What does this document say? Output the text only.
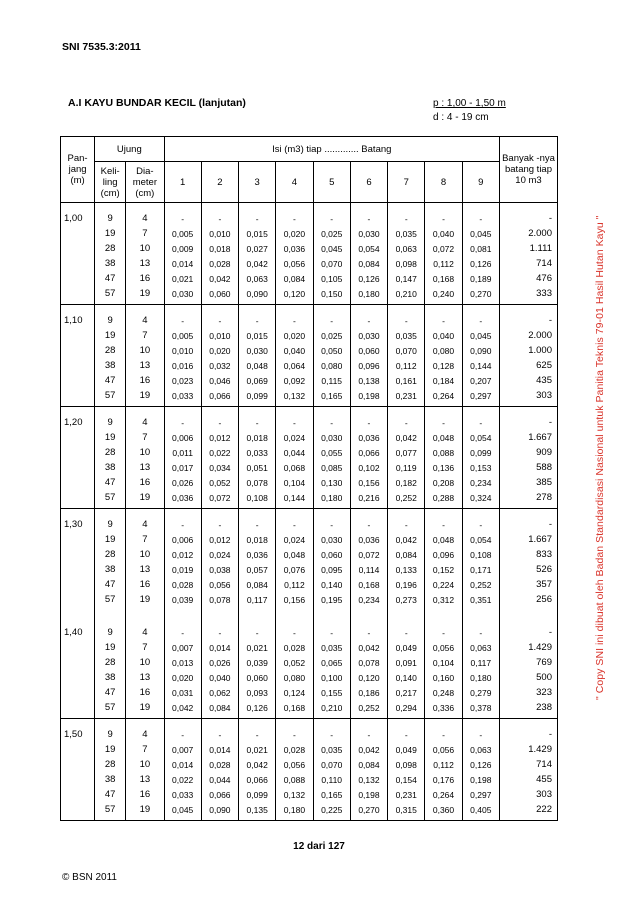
SNI 7535.3:2011
A.I KAYU BUNDAR KECIL (lanjutan)	p : 1,00 - 1,50 m
d : 4 - 19 cm
Pan-jang (m)	Ujung		Isi (m3) tiap ............. Batang									Banyak -nya batang tiap 10 m3
	Keli-ling (cm)	Dia-meter (cm)	1	2	3	4	5	6	7	8	9	
1,00	9	4	-	-	-	-	-	-	-	-	-	-
	19	7	0,005	0,010	0,015	0,020	0,025	0,030	0,035	0,040	0,045	2.000
	28	10	0,009	0,018	0,027	0,036	0,045	0,054	0,063	0,072	0,081	1.111
	38	13	0,014	0,028	0,042	0,056	0,070	0,084	0,098	0,112	0,126	714
	47	16	0,021	0,042	0,063	0,084	0,105	0,126	0,147	0,168	0,189	476
	57	19	0,030	0,060	0,090	0,120	0,150	0,180	0,210	0,240	0,270	333
1,10	9	4	-	-	-	-	-	-	-	-	-	-
	19	7	0,005	0,010	0,015	0,020	0,025	0,030	0,035	0,040	0,045	2.000
	28	10	0,010	0,020	0,030	0,040	0,050	0,060	0,070	0,080	0,090	1.000
	38	13	0,016	0,032	0,048	0,064	0,080	0,096	0,112	0,128	0,144	625
	47	16	0,023	0,046	0,069	0,092	0,115	0,138	0,161	0,184	0,207	435
	57	19	0,033	0,066	0,099	0,132	0,165	0,198	0,231	0,264	0,297	303
1,20	9	4	-	-	-	-	-	-	-	-	-	-
	19	7	0,006	0,012	0,018	0,024	0,030	0,036	0,042	0,048	0,054	1.667
	28	10	0,011	0,022	0,033	0,044	0,055	0,066	0,077	0,088	0,099	909
	38	13	0,017	0,034	0,051	0,068	0,085	0,102	0,119	0,136	0,153	588
	47	16	0,026	0,052	0,078	0,104	0,130	0,156	0,182	0,208	0,234	385
	57	19	0,036	0,072	0,108	0,144	0,180	0,216	0,252	0,288	0,324	278
1,30	9	4	-	-	-	-	-	-	-	-	-	-
	19	7	0,006	0,012	0,018	0,024	0,030	0,036	0,042	0,048	0,054	1.667
	28	10	0,012	0,024	0,036	0,048	0,060	0,072	0,084	0,096	0,108	833
	38	13	0,019	0,038	0,057	0,076	0,095	0,114	0,133	0,152	0,171	526
	47	16	0,028	0,056	0,084	0,112	0,140	0,168	0,196	0,224	0,252	357
	57	19	0,039	0,078	0,117	0,156	0,195	0,234	0,273	0,312	0,351	256
1,40	9	4	-	-	-	-	-	-	-	-	-	-
	19	7	0,007	0,014	0,021	0,028	0,035	0,042	0,049	0,056	0,063	1.429
	28	10	0,013	0,026	0,039	0,052	0,065	0,078	0,091	0,104	0,117	769
	38	13	0,020	0,040	0,060	0,080	0,100	0,120	0,140	0,160	0,180	500
	47	16	0,031	0,062	0,093	0,124	0,155	0,186	0,217	0,248	0,279	323
	57	19	0,042	0,084	0,126	0,168	0,210	0,252	0,294	0,336	0,378	238
1,50	9	4	-	-	-	-	-	-	-	-	-	-
	19	7	0,007	0,014	0,021	0,028	0,035	0,042	0,049	0,056	0,063	1.429
	28	10	0,014	0,028	0,042	0,056	0,070	0,084	0,098	0,112	0,126	714
	38	13	0,022	0,044	0,066	0,088	0,110	0,132	0,154	0,176	0,198	455
	47	16	0,033	0,066	0,099	0,132	0,165	0,198	0,231	0,264	0,297	303
	57	19	0,045	0,090	0,135	0,180	0,225	0,270	0,315	0,360	0,405	222
" Copy SNI ini dibuat oleh Badan Standardisasi Nasional untuk Panitia Teknis 79-01 Hasil Hutan Kayu "
12 dari 127
© BSN 2011
